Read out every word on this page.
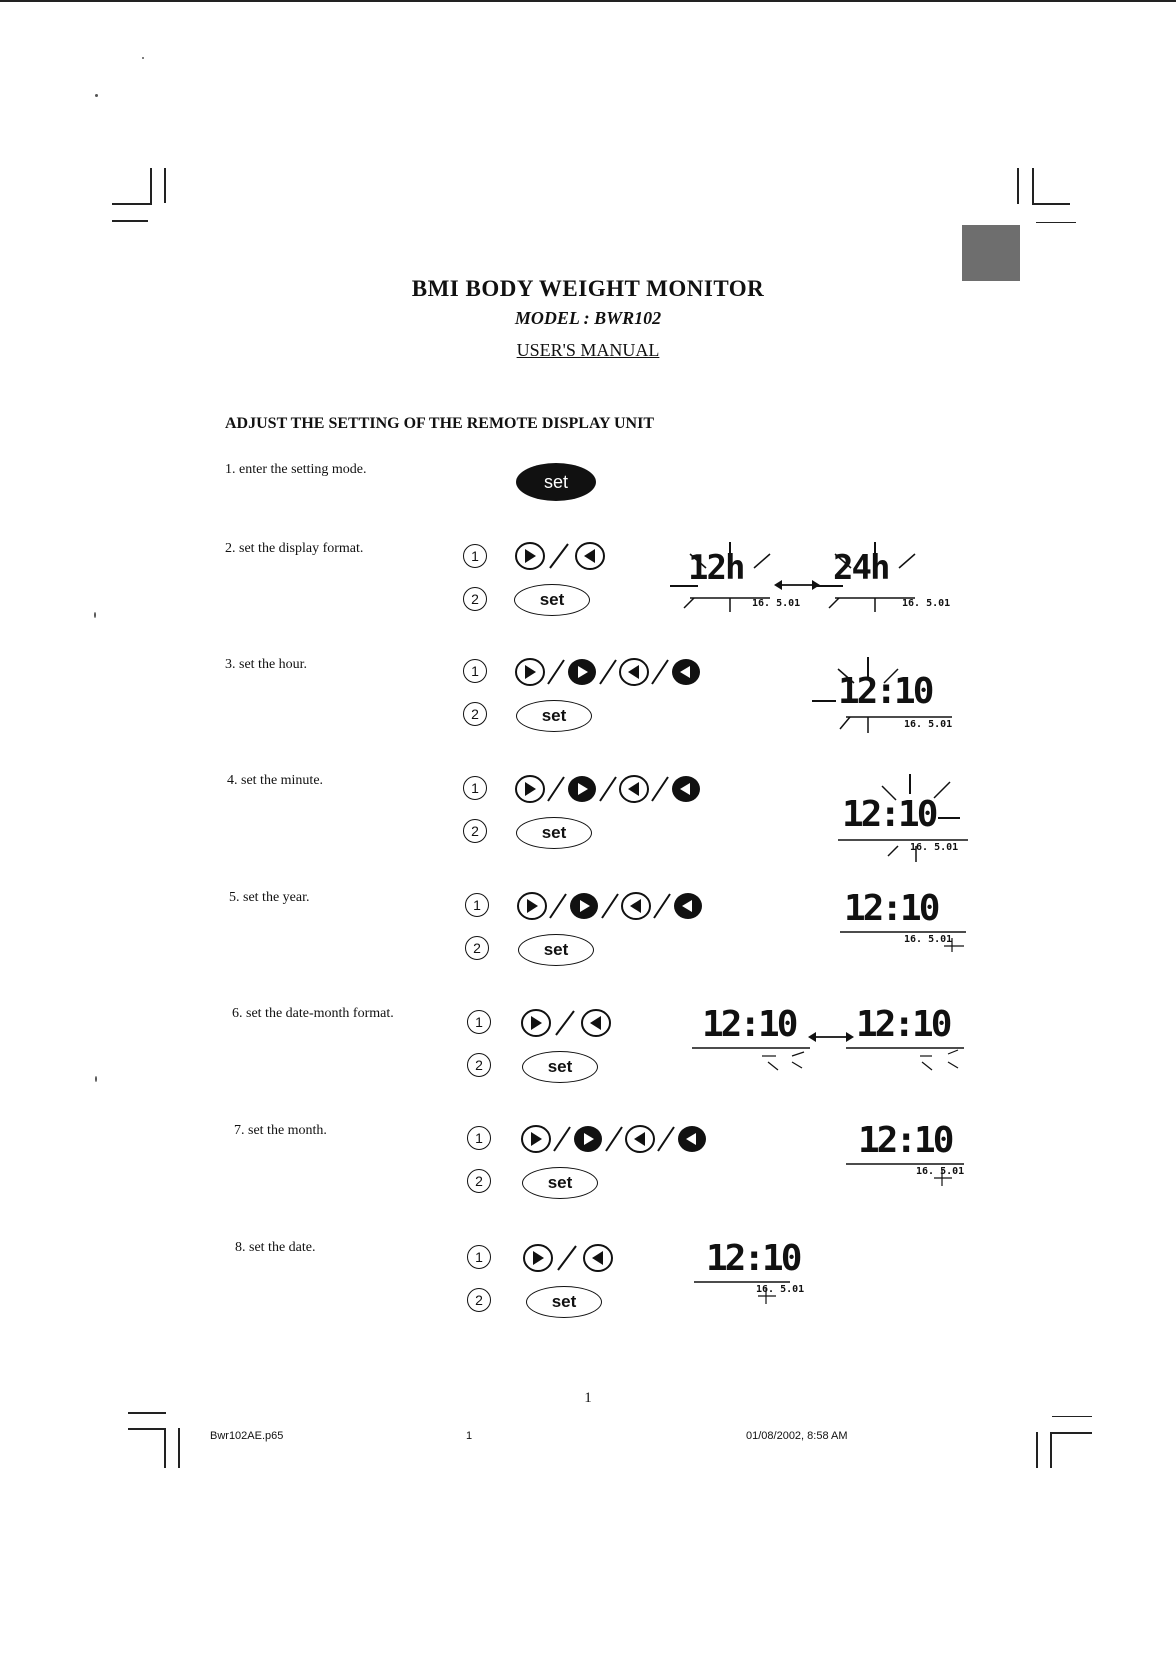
BMI BODY WEIGHT MONITOR
MODEL : BWR102
USER'S MANUAL
ADJUST THE SETTING OF THE REMOTE DISPLAY UNIT
1. enter the setting mode.
2. set the display format.
3. set the hour.
4. set the minute.
5. set the year.
6. set the date-month format.
7. set the month.
8. set the date.
set
1
2	set
12h	24h
16. 5.01	16. 5.01
1
2	set
12:10
16. 5.01
1
2	set	12:10
16. 5.01
1
2	set
12:10
16. 5.01
1
2	set
12:10 12:10
1
2	set
12:10
16. 5.01
1
2	set
12:10
16. 5.01
1
Bwr102AE.p65	1	01/08/2002, 8:58 AM
